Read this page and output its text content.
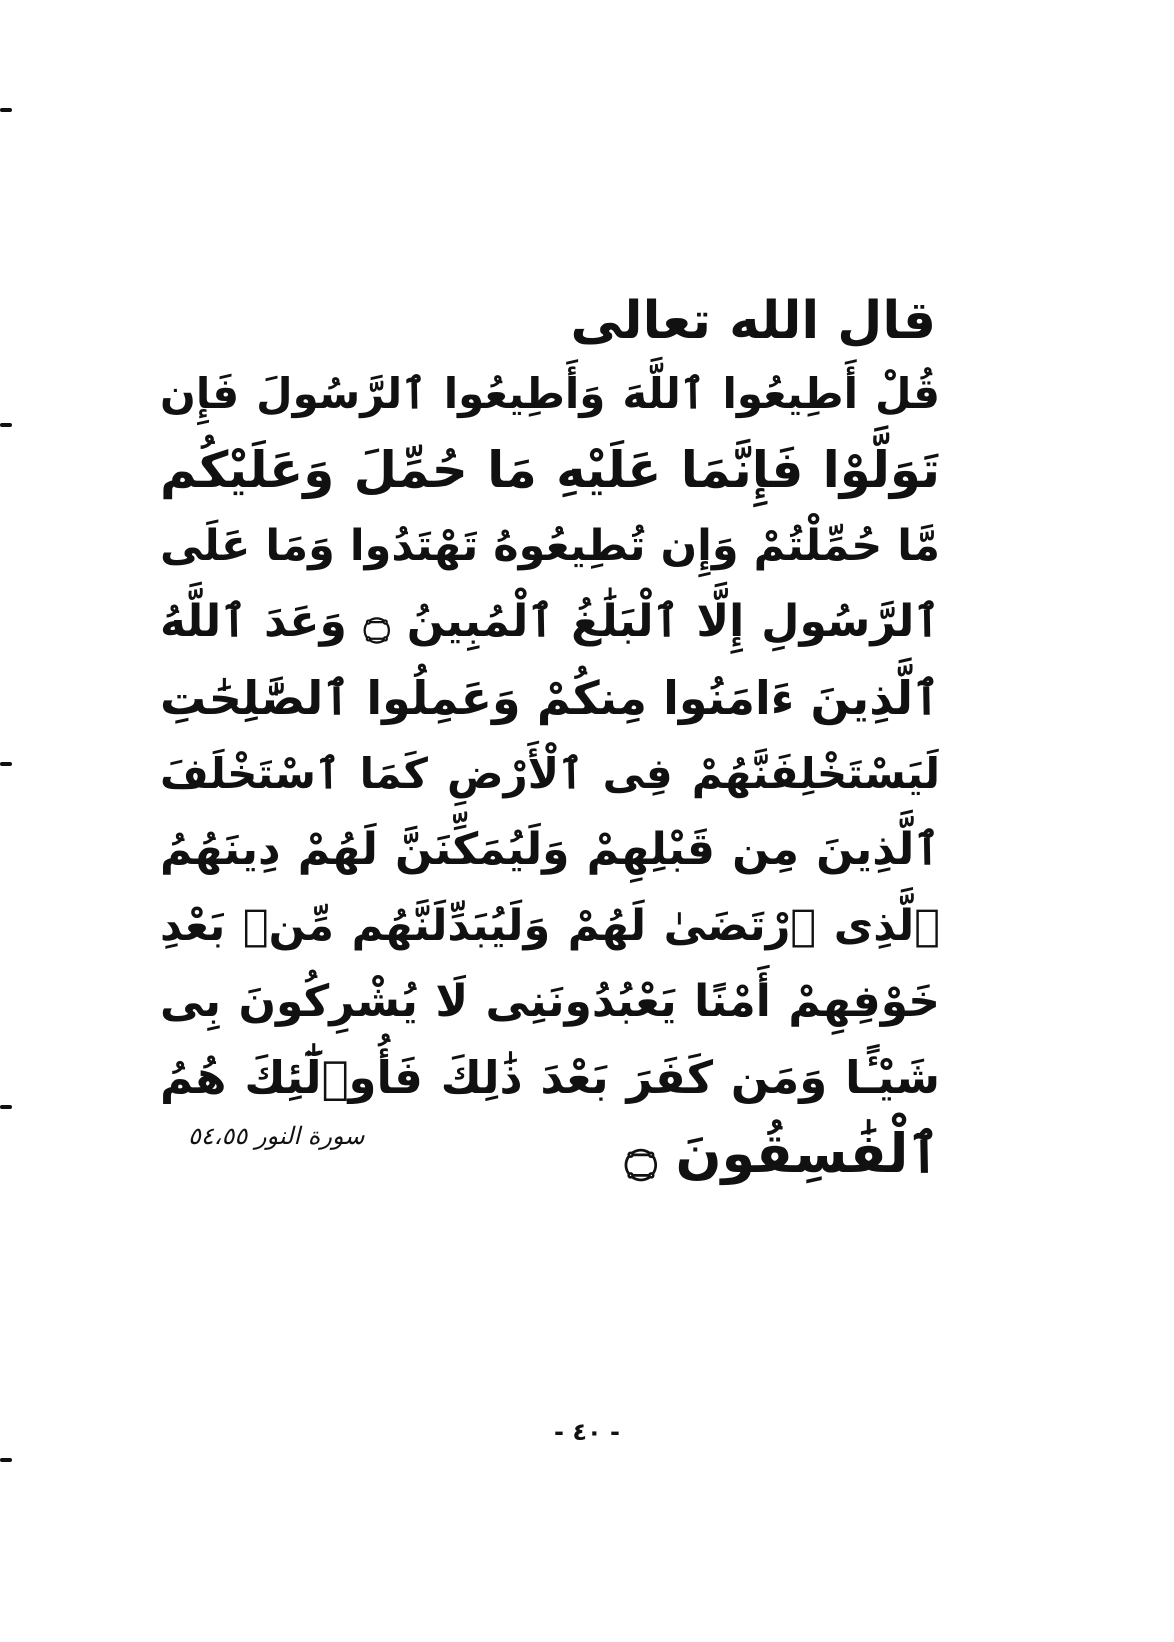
قال الله تعالى
قُلْ أَطِيعُوا ٱللَّهَ وَأَطِيعُوا ٱلرَّسُولَ فَإِن
تَوَلَّوْا فَإِنَّمَا عَلَيْهِ مَا حُمِّلَ وَعَلَيْكُم
مَّا حُمِّلْتُمْ وَإِن تُطِيعُوهُ تَهْتَدُوا وَمَا عَلَى
ٱلرَّسُولِ إِلَّا ٱلْبَلَٰغُ ٱلْمُبِينُ ۝ وَعَدَ ٱللَّهُ
ٱلَّذِينَ ءَامَنُوا مِنكُمْ وَعَمِلُوا ٱلصَّٰلِحَٰتِ
لَيَسْتَخْلِفَنَّهُمْ فِى ٱلْأَرْضِ كَمَا ٱسْتَخْلَفَ
ٱلَّذِينَ مِن قَبْلِهِمْ وَلَيُمَكِّنَنَّ لَهُمْ دِينَهُمُ
ٱلَّذِى ٱرْتَضَىٰ لَهُمْ وَلَيُبَدِّلَنَّهُم مِّنۢ بَعْدِ
خَوْفِهِمْ أَمْنًا يَعْبُدُونَنِى لَا يُشْرِكُونَ بِى
شَيْـًٔا وَمَن كَفَرَ بَعْدَ ذَٰلِكَ فَأُو۟لَٰٓئِكَ هُمُ
ٱلْفَٰسِقُونَ ۝
سورة النور ٥٤،٥٥
- ٤٠ -
